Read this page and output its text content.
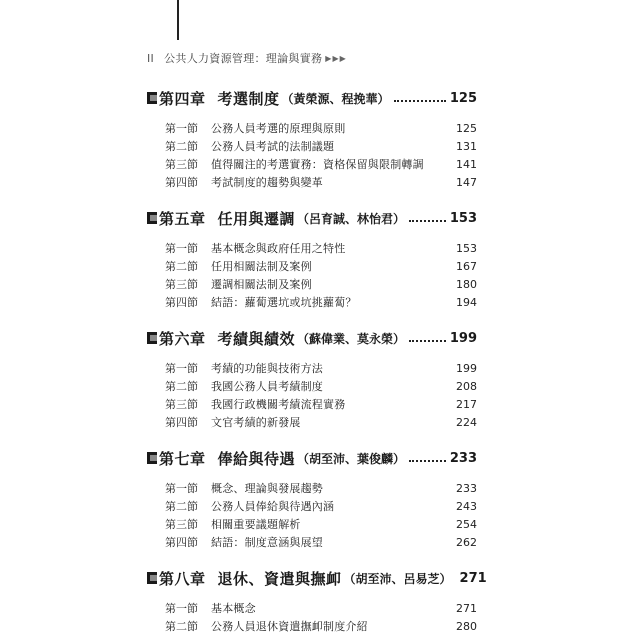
II 公共人力資源管理：理論與實務 ▶▶▶
第四章 考選制度 （黃榮源、程挽華）	125
第一節	公務人員考選的原理與原則	125
第二節	公務人員考試的法制議題	131
第三節	值得關注的考選實務：資格保留與限制轉調	141
第四節	考試制度的趨勢與變革	147
第五章 任用與遷調 （呂育誠、林怡君）	153
第一節	基本概念與政府任用之特性	153
第二節	任用相關法制及案例	167
第三節	遷調相關法制及案例	180
第四節	結語：蘿蔔選坑或坑挑蘿蔔？	194
第六章 考績與績效 （蘇偉業、莫永榮）	199
第一節	考績的功能與技術方法	199
第二節	我國公務人員考績制度	208
第三節	我國行政機關考績流程實務	217
第四節	文官考績的新發展	224
第七章 俸給與待遇 （胡至沛、葉俊麟）	233
第一節	概念、理論與發展趨勢	233
第二節	公務人員俸給與待遇內涵	243
第三節	相關重要議題解析	254
第四節	結語：制度意涵與展望	262
第八章 退休、資遣與撫卹 （胡至沛、呂易芝） 271
第一節	基本概念	271
第二節	公務人員退休資遣撫卹制度介紹	280
